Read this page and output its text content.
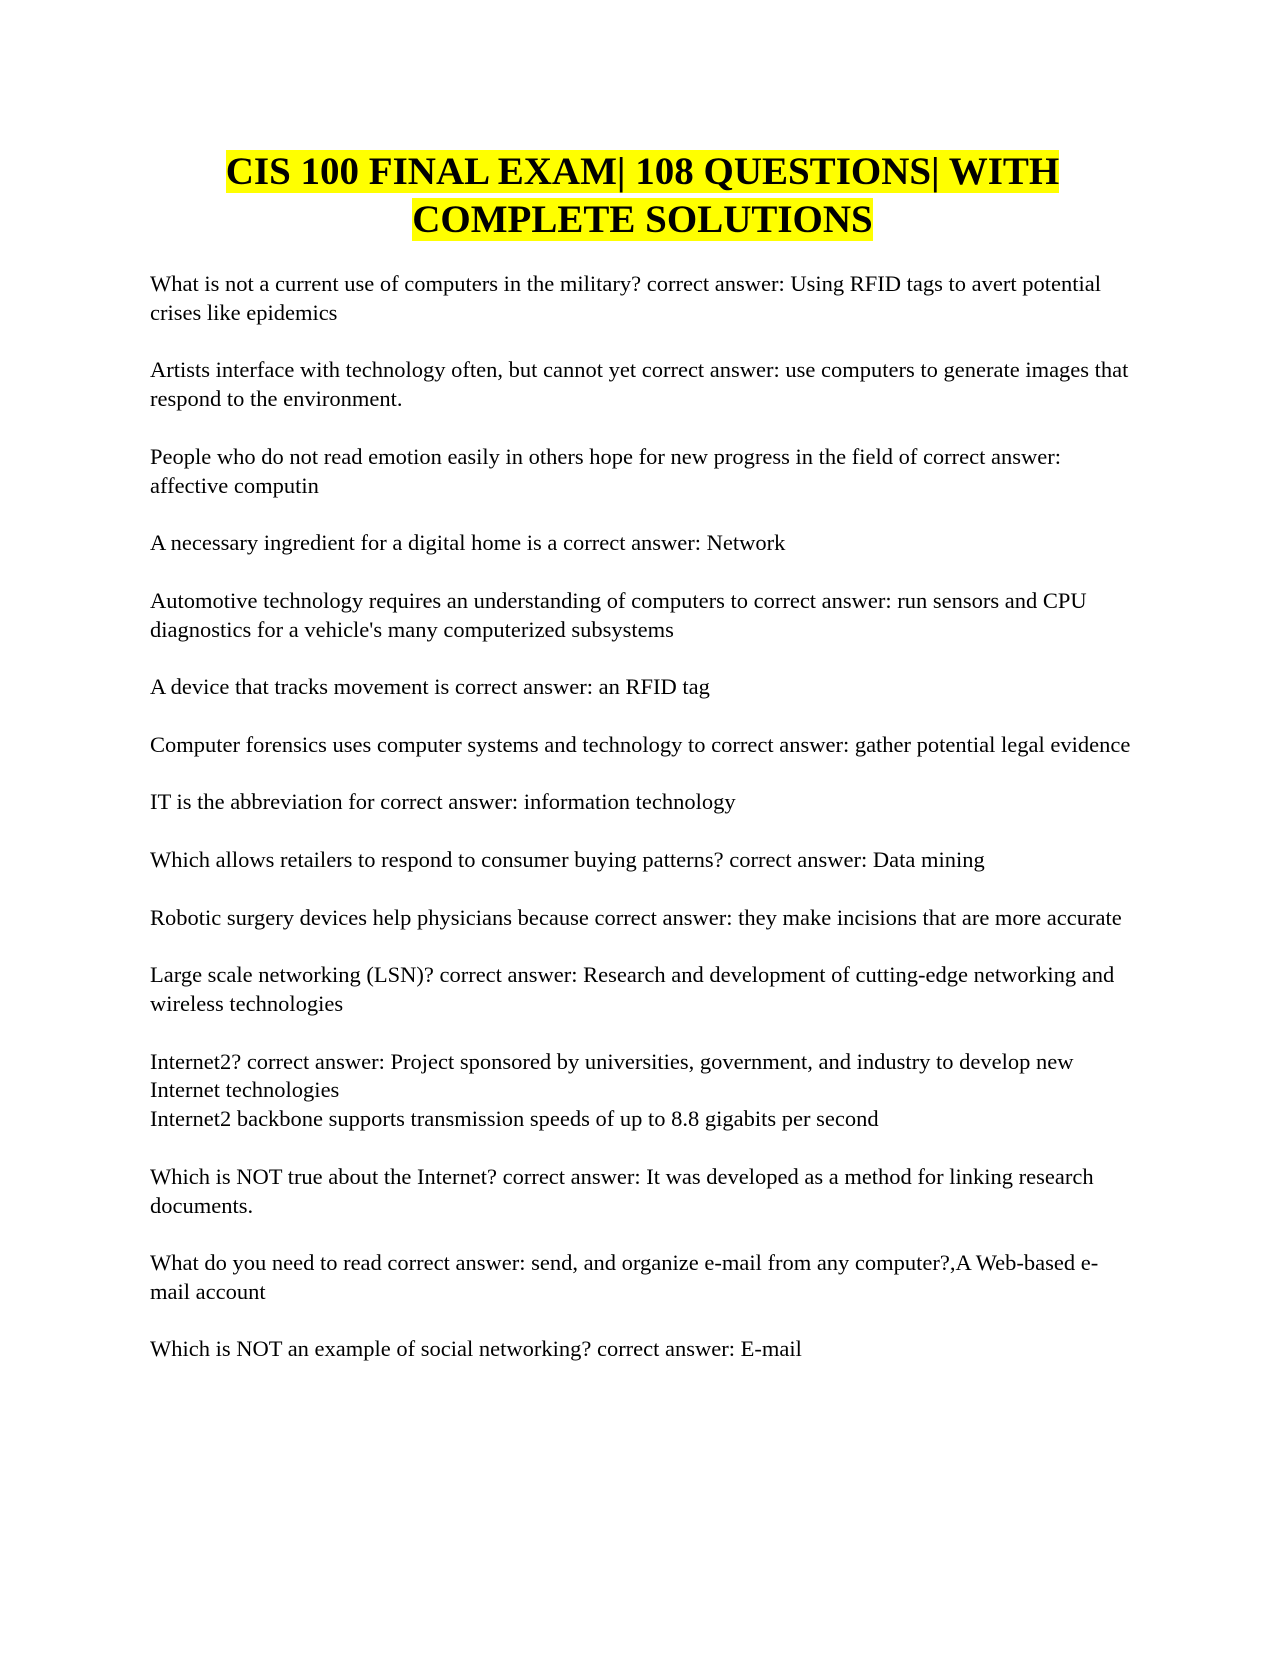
CIS 100 FINAL EXAM| 108 QUESTIONS| WITH
COMPLETE SOLUTIONS

What is not a current use of computers in the military? correct answer: Using RFID tags to avert potential crises like epidemics

Artists interface with technology often, but cannot yet correct answer: use computers to generate images that respond to the environment.

People who do not read emotion easily in others hope for new progress in the field of correct answer: affective computin

A necessary ingredient for a digital home is a correct answer: Network

Automotive technology requires an understanding of computers to correct answer: run sensors and CPU diagnostics for a vehicle's many computerized subsystems

A device that tracks movement is correct answer: an RFID tag

Computer forensics uses computer systems and technology to correct answer: gather potential legal evidence

IT is the abbreviation for correct answer: information technology

Which allows retailers to respond to consumer buying patterns? correct answer: Data mining

Robotic surgery devices help physicians because correct answer: they make incisions that are more accurate

Large scale networking (LSN)? correct answer: Research and development of cutting-edge networking and wireless technologies

Internet2? correct answer: Project sponsored by universities, government, and industry to develop new Internet technologies

Internet2 backbone supports transmission speeds of up to 8.8 gigabits per second

Which is NOT true about the Internet? correct answer: It was developed as a method for linking research documents.

What do you need to read correct answer: send, and organize e-mail from any computer?,A Web-based e-mail account

Which is NOT an example of social networking? correct answer: E-mail
